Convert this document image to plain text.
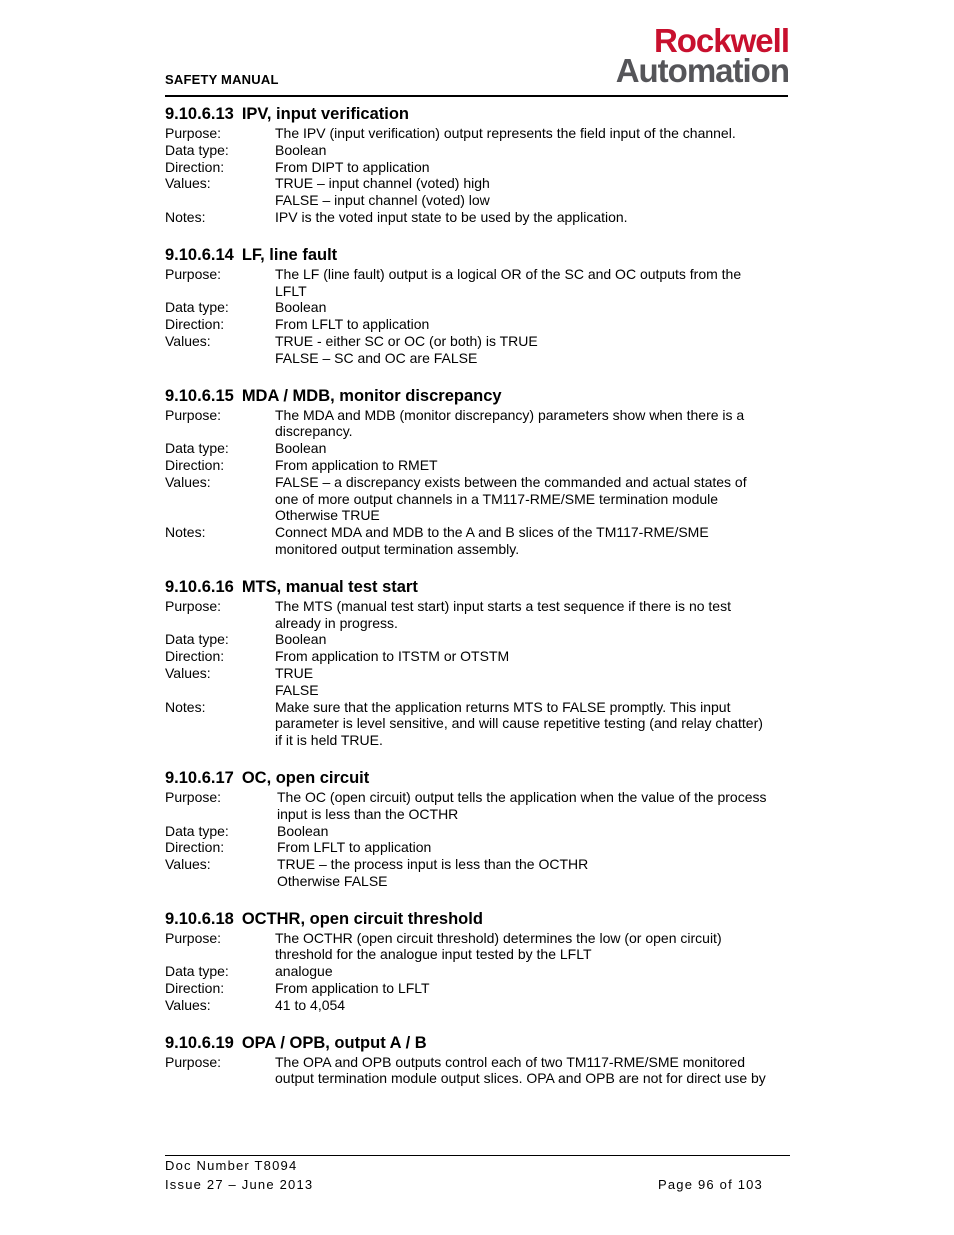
SAFETY MANUAL
Rockwell
Automation
9.10.6.13 IPV, input verification
Purpose:	The IPV (input verification) output represents the field input of the channel.
Data type:	Boolean
Direction:	From DIPT to application
Values:	TRUE – input channel (voted) high
FALSE – input channel (voted) low
Notes:	IPV is the voted input state to be used by the application.
9.10.6.14 LF, line fault
Purpose:	The LF (line fault) output is a logical OR of the SC and OC outputs from the
LFLT
Data type:	Boolean
Direction:	From LFLT to application
Values:	TRUE - either SC or OC (or both) is TRUE
FALSE – SC and OC are FALSE
9.10.6.15 MDA / MDB, monitor discrepancy
Purpose:	The MDA and MDB (monitor discrepancy) parameters show when there is a
discrepancy.
Data type:	Boolean
Direction:	From application to RMET
Values:	FALSE – a discrepancy exists between the commanded and actual states of
one of more output channels in a TM117-RME/SME termination module
Otherwise TRUE
Notes:	Connect MDA and MDB to the A and B slices of the TM117-RME/SME
monitored output termination assembly.
9.10.6.16 MTS, manual test start
Purpose:	The MTS (manual test start) input starts a test sequence if there is no test
already in progress.
Data type:	Boolean
Direction:	From application to ITSTM or OTSTM
Values:	TRUE
FALSE
Notes:	Make sure that the application returns MTS to FALSE promptly. This input
parameter is level sensitive, and will cause repetitive testing (and relay chatter)
if it is held TRUE.
9.10.6.17 OC, open circuit
Purpose:	The OC (open circuit) output tells the application when the value of the process
input is less than the OCTHR
Data type:	Boolean
Direction:	From LFLT to application
Values:	TRUE – the process input is less than the OCTHR
Otherwise FALSE
9.10.6.18 OCTHR, open circuit threshold
Purpose:	The OCTHR (open circuit threshold) determines the low (or open circuit)
threshold for the analogue input tested by the LFLT
Data type:	analogue
Direction:	From application to LFLT
Values:	41 to 4,054
9.10.6.19 OPA / OPB, output A / B
Purpose:	The OPA and OPB outputs control each of two TM117-RME/SME monitored
output termination module output slices. OPA and OPB are not for direct use by
Doc Number T8094
Issue 27 – June 2013	Page 96 of 103
